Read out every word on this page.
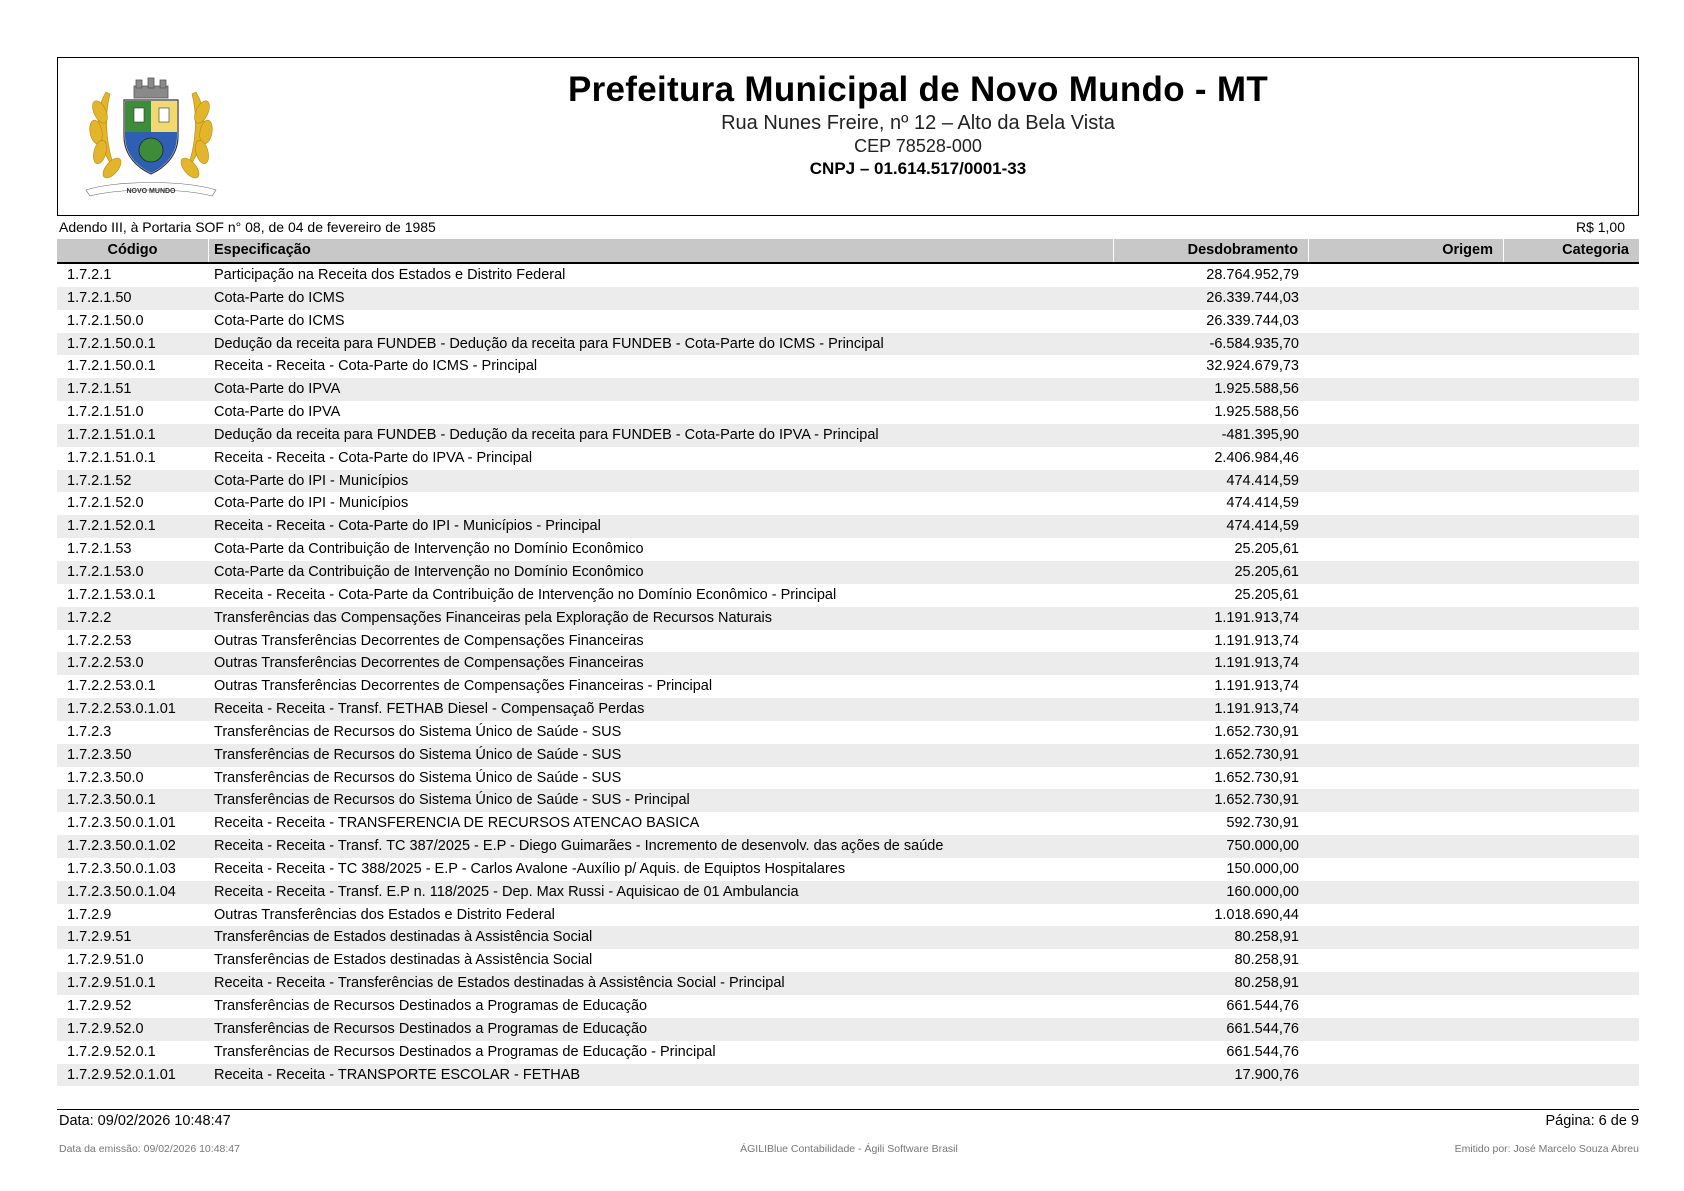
NOVO MUNDO
Prefeitura Municipal de Novo Mundo - MT
Rua Nunes Freire, nº 12 – Alto da Bela Vista
CEP 78528-000
CNPJ – 01.614.517/0001-33
Adendo III, à Portaria SOF n° 08, de 04 de fevereiro de 1985	R$ 1,00
Código	Especificação	Desdobramento	Origem	Categoria
1.7.2.1	Participação na Receita dos Estados e Distrito Federal	28.764.952,79
1.7.2.1.50	Cota-Parte do ICMS	26.339.744,03
1.7.2.1.50.0	Cota-Parte do ICMS	26.339.744,03
1.7.2.1.50.0.1	Dedução da receita para FUNDEB - Dedução da receita para FUNDEB - Cota-Parte do ICMS - Principal	-6.584.935,70
1.7.2.1.50.0.1	Receita - Receita - Cota-Parte do ICMS - Principal	32.924.679,73
1.7.2.1.51	Cota-Parte do IPVA	1.925.588,56
1.7.2.1.51.0	Cota-Parte do IPVA	1.925.588,56
1.7.2.1.51.0.1	Dedução da receita para FUNDEB - Dedução da receita para FUNDEB - Cota-Parte do IPVA - Principal	-481.395,90
1.7.2.1.51.0.1	Receita - Receita - Cota-Parte do IPVA - Principal	2.406.984,46
1.7.2.1.52	Cota-Parte do IPI - Municípios	474.414,59
1.7.2.1.52.0	Cota-Parte do IPI - Municípios	474.414,59
1.7.2.1.52.0.1	Receita - Receita - Cota-Parte do IPI - Municípios - Principal	474.414,59
1.7.2.1.53	Cota-Parte da Contribuição de Intervenção no Domínio Econômico	25.205,61
1.7.2.1.53.0	Cota-Parte da Contribuição de Intervenção no Domínio Econômico	25.205,61
1.7.2.1.53.0.1	Receita - Receita - Cota-Parte da Contribuição de Intervenção no Domínio Econômico - Principal	25.205,61
1.7.2.2	Transferências das Compensações Financeiras pela Exploração de Recursos Naturais	1.191.913,74
1.7.2.2.53	Outras Transferências Decorrentes de Compensações Financeiras	1.191.913,74
1.7.2.2.53.0	Outras Transferências Decorrentes de Compensações Financeiras	1.191.913,74
1.7.2.2.53.0.1	Outras Transferências Decorrentes de Compensações Financeiras - Principal	1.191.913,74
1.7.2.2.53.0.1.01	Receita - Receita - Transf. FETHAB Diesel - Compensaçaõ Perdas	1.191.913,74
1.7.2.3	Transferências de Recursos do Sistema Único de Saúde - SUS	1.652.730,91
1.7.2.3.50	Transferências de Recursos do Sistema Único de Saúde - SUS	1.652.730,91
1.7.2.3.50.0	Transferências de Recursos do Sistema Único de Saúde - SUS	1.652.730,91
1.7.2.3.50.0.1	Transferências de Recursos do Sistema Único de Saúde - SUS - Principal	1.652.730,91
1.7.2.3.50.0.1.01	Receita - Receita - TRANSFERENCIA DE RECURSOS ATENCAO BASICA	592.730,91
1.7.2.3.50.0.1.02	Receita - Receita - Transf. TC 387/2025 - E.P - Diego Guimarães - Incremento de desenvolv. das ações de saúde	750.000,00
1.7.2.3.50.0.1.03	Receita - Receita - TC 388/2025 - E.P - Carlos Avalone -Auxílio p/ Aquis. de Equiptos Hospitalares	150.000,00
1.7.2.3.50.0.1.04	Receita - Receita - Transf. E.P n. 118/2025 - Dep. Max Russi - Aquisicao de 01 Ambulancia	160.000,00
1.7.2.9	Outras Transferências dos Estados e Distrito Federal	1.018.690,44
1.7.2.9.51	Transferências de Estados destinadas à Assistência Social	80.258,91
1.7.2.9.51.0	Transferências de Estados destinadas à Assistência Social	80.258,91
1.7.2.9.51.0.1	Receita - Receita - Transferências de Estados destinadas à Assistência Social - Principal	80.258,91
1.7.2.9.52	Transferências de Recursos Destinados a Programas de Educação	661.544,76
1.7.2.9.52.0	Transferências de Recursos Destinados a Programas de Educação	661.544,76
1.7.2.9.52.0.1	Transferências de Recursos Destinados a Programas de Educação - Principal	661.544,76
1.7.2.9.52.0.1.01	Receita - Receita - TRANSPORTE ESCOLAR - FETHAB	17.900,76
Data: 09/02/2026 10:48:47	Página: 6 de 9
Data da emissão: 09/02/2026 10:48:47	ÁGILIBlue Contabilidade - Ágili Software Brasil	Emitido por: José Marcelo Souza Abreu
